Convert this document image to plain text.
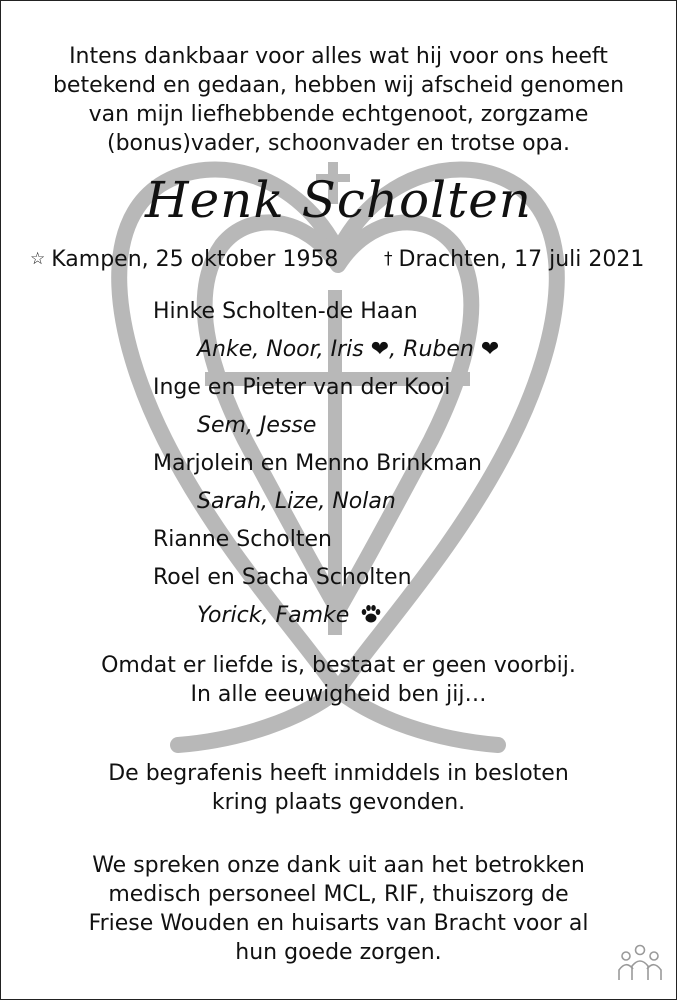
Intens dankbaar voor alles wat hij voor ons heeft
betekend en gedaan, hebben wij afscheid genomen
van mijn liefhebbende echtgenoot, zorgzame
(bonus)vader, schoonvader en trotse opa.

Henk Scholten
☆ Kampen, 25 oktober 1958	† Drachten, 17 juli 2021
Hinke Scholten-de Haan
Anke, Noor, Iris ❤, Ruben ❤
Inge en Pieter van der Kooi
Sem, Jesse
Marjolein en Menno Brinkman
Sarah, Lize, Nolan
Rianne Scholten
Roel en Sacha Scholten
Yorick, Famke

Omdat er liefde is, bestaat er geen voorbij.
In alle eeuwigheid ben jij…

De begrafenis heeft inmiddels in besloten
kring plaats gevonden.

We spreken onze dank uit aan het betrokken
medisch personeel MCL, RIF, thuiszorg de
Friese Wouden en huisarts van Bracht voor al
hun goede zorgen.
